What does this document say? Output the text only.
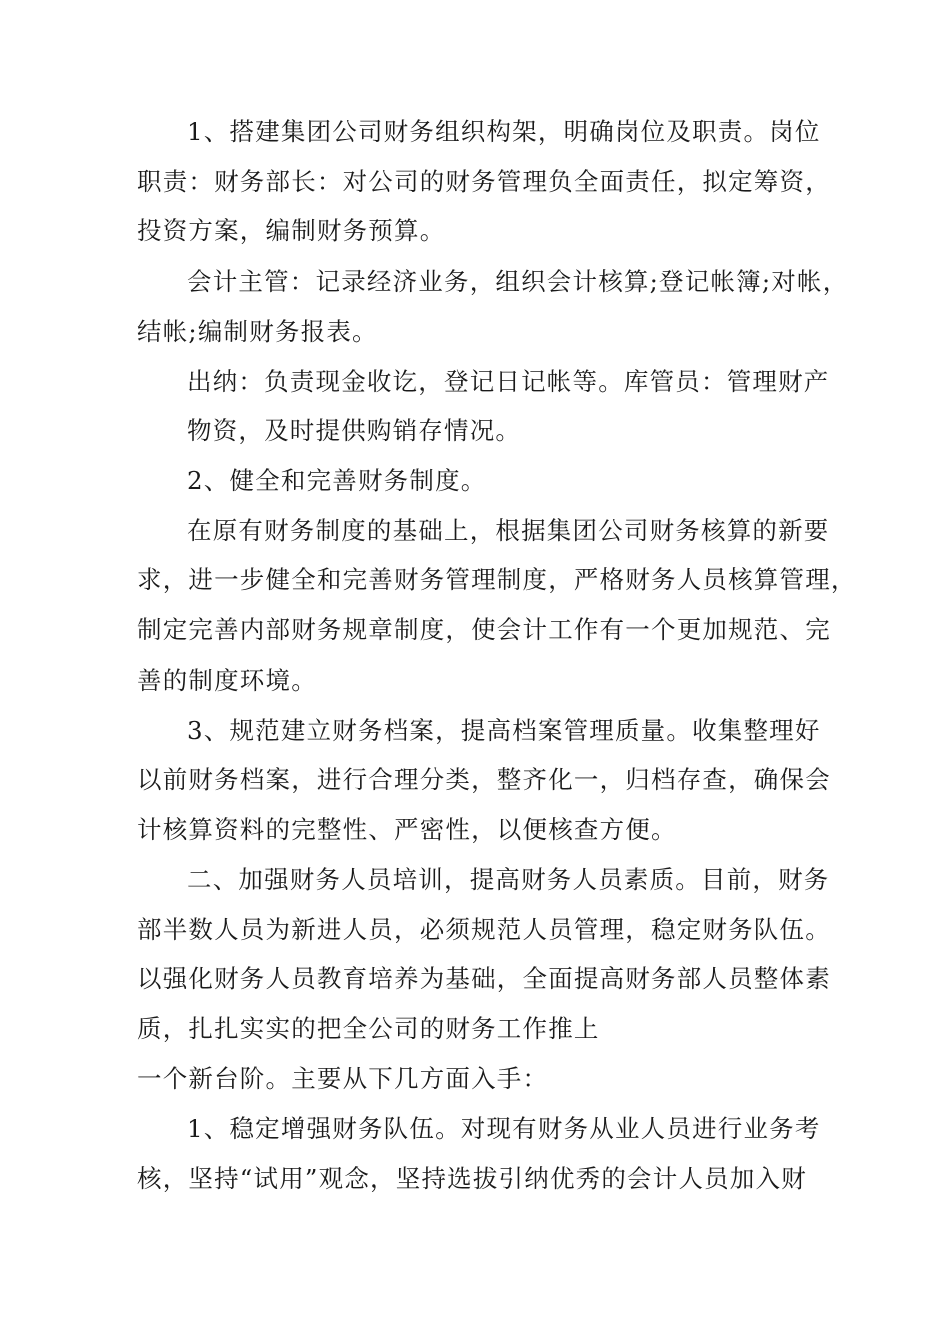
1、搭建集团公司财务组织构架，明确岗位及职责。岗位
职责：财务部长：对公司的财务管理负全面责任，拟定筹资，
投资方案，编制财务预算。
会计主管：记录经济业务，组织会计核算;登记帐簿;对帐，
结帐;编制财务报表。
出纳：负责现金收讫，登记日记帐等。库管员：管理财产
物资，及时提供购销存情况。
2、健全和完善财务制度。
在原有财务制度的基础上，根据集团公司财务核算的新要
求，进一步健全和完善财务管理制度，严格财务人员核算管理，
制定完善内部财务规章制度，使会计工作有一个更加规范、完
善的制度环境。
3、规范建立财务档案，提高档案管理质量。收集整理好
以前财务档案，进行合理分类，整齐化一，归档存查，确保会
计核算资料的完整性、严密性，以便核查方便。
二、加强财务人员培训，提高财务人员素质。目前，财务
部半数人员为新进人员，必须规范人员管理，稳定财务队伍。
以强化财务人员教育培养为基础，全面提高财务部人员整体素
质，扎扎实实的把全公司的财务工作推上
一个新台阶。主要从下几方面入手：
1、稳定增强财务队伍。对现有财务从业人员进行业务考
核，坚持“试用”观念，坚持选拔引纳优秀的会计人员加入财
